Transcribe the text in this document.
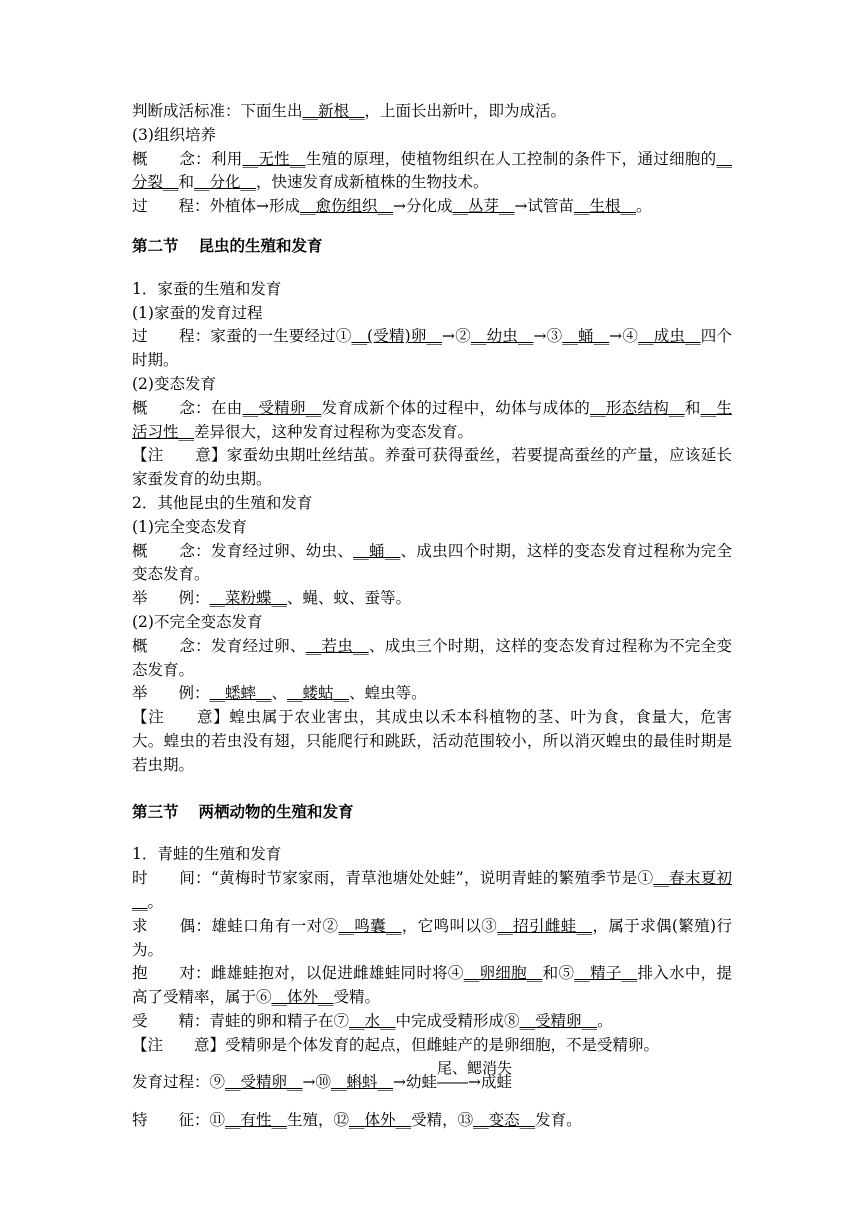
判断成活标准：下面生出__新根__，上面长出新叶，即为成活。

(3)组织培养

概　　念：利用__无性__生殖的原理，使植物组织在人工控制的条件下，通过细胞的__分裂__和__分化__，快速发育成新植株的生物技术。

过　　程：外植体→形成__愈伤组织__→分化成__丛芽__→试管苗__生根__。

第二节 昆虫的生殖和发育

1．家蚕的生殖和发育

(1)家蚕的发育过程

过　　程：家蚕的一生要经过①__(受精)卵__→②__幼虫__→③__蛹__→④__成虫__四个时期。

(2)变态发育

概　　念：在由__受精卵__发育成新个体的过程中，幼体与成体的__形态结构__和__生活习性__差异很大，这种发育过程称为变态发育。

【注　　意】家蚕幼虫期吐丝结茧。养蚕可获得蚕丝，若要提高蚕丝的产量，应该延长家蚕发育的幼虫期。

2．其他昆虫的生殖和发育

(1)完全变态发育

概　　念：发育经过卵、幼虫、__蛹__、成虫四个时期，这样的变态发育过程称为完全变态发育。

举　　例：__菜粉蝶__、蝇、蚊、蚕等。

(2)不完全变态发育

概　　念：发育经过卵、__若虫__、成虫三个时期，这样的变态发育过程称为不完全变态发育。

举　　例：__蟋蟀__、__蝼蛄__、蝗虫等。

【注　　意】蝗虫属于农业害虫，其成虫以禾本科植物的茎、叶为食，食量大，危害大。蝗虫的若虫没有翅，只能爬行和跳跃，活动范围较小，所以消灭蝗虫的最佳时期是若虫期。

第三节 两栖动物的生殖和发育

1．青蛙的生殖和发育

时　　间：“黄梅时节家家雨，青草池塘处处蛙”，说明青蛙的繁殖季节是①__春末夏初__。

求　　偶：雄蛙口角有一对②__鸣囊__，它鸣叫以③__招引雌蛙__，属于求偶(繁殖)行为。

抱　　对：雌雄蛙抱对，以促进雌雄蛙同时将④__卵细胞__和⑤__精子__排入水中，提高了受精率，属于⑥__体外__受精。

受　　精：青蛙的卵和精子在⑦__水__中完成受精形成⑧__受精卵__。

【注　　意】受精卵是个体发育的起点，但雌蛙产的是卵细胞，不是受精卵。

发育过程：⑨__受精卵__→⑩__蝌蚪__→幼蛙
尾、鳃消失
――→成蛙

特　　征：⑪__有性__生殖，⑫__体外__受精，⑬__变态__发育。
